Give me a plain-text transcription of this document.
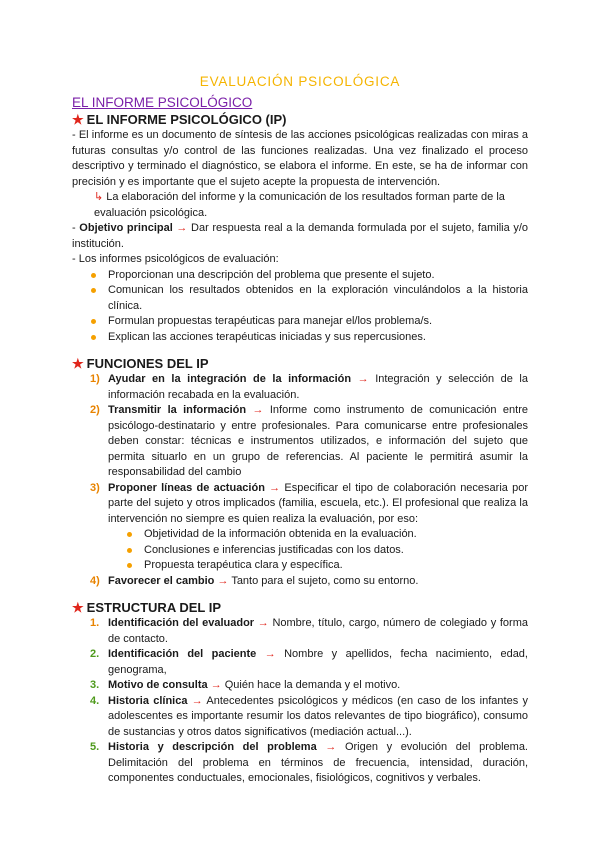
EVALUACIÓN PSICOLÓGICA
EL INFORME PSICOLÓGICO
★ EL INFORME PSICOLÓGICO (IP)

- El informe es un documento de síntesis de las acciones psicológicas realizadas con miras a futuras consultas y/o control de las funciones realizadas. Una vez finalizado el proceso descriptivo y terminado el diagnóstico, se elabora el informe. En este, se ha de informar con precisión y es importante que el sujeto acepte la propuesta de intervención.

↳ La elaboración del informe y la comunicación de los resultados forman parte de la evaluación psicológica.

- Objetivo principal → Dar respuesta real a la demanda formulada por el sujeto, familia y/o institución.

- Los informes psicológicos de evaluación:

Proporcionan una descripción del problema que presente el sujeto.
Comunican los resultados obtenidos en la exploración vinculándolos a la historia clínica.
Formulan propuestas terapéuticas para manejar el/los problema/s.
Explican las acciones terapéuticas iniciadas y sus repercusiones.
★ FUNCIONES DEL IP
1) Ayudar en la integración de la información → Integración y selección de la información recabada en la evaluación.
2) Transmitir la información → Informe como instrumento de comunicación entre psicólogo-destinatario y entre profesionales. Para comunicarse entre profesionales deben constar: técnicas e instrumentos utilizados, e información del sujeto que permita situarlo en un grupo de referencias. Al paciente le permitirá asumir la responsabilidad del cambio
3) Proponer líneas de actuación → Especificar el tipo de colaboración necesaria por parte del sujeto y otros implicados (familia, escuela, etc.). El profesional que realiza la intervención no siempre es quien realiza la evaluación, por eso:
Objetividad de la información obtenida en la evaluación.
Conclusiones e inferencias justificadas con los datos.
Propuesta terapéutica clara y específica.
4) Favorecer el cambio → Tanto para el sujeto, como su entorno.
★ ESTRUCTURA DEL IP
1. Identificación del evaluador → Nombre, título, cargo, número de colegiado y forma de contacto.
2. Identificación del paciente → Nombre y apellidos, fecha nacimiento, edad, genograma,
3. Motivo de consulta → Quién hace la demanda y el motivo.
4. Historia clínica → Antecedentes psicológicos y médicos (en caso de los infantes y adolescentes es importante resumir los datos relevantes de tipo biográfico), consumo de sustancias y otros datos significativos (mediación actual...).
5. Historia y descripción del problema → Origen y evolución del problema. Delimitación del problema en términos de frecuencia, intensidad, duración, componentes conductuales, emocionales, fisiológicos, cognitivos y verbales.
